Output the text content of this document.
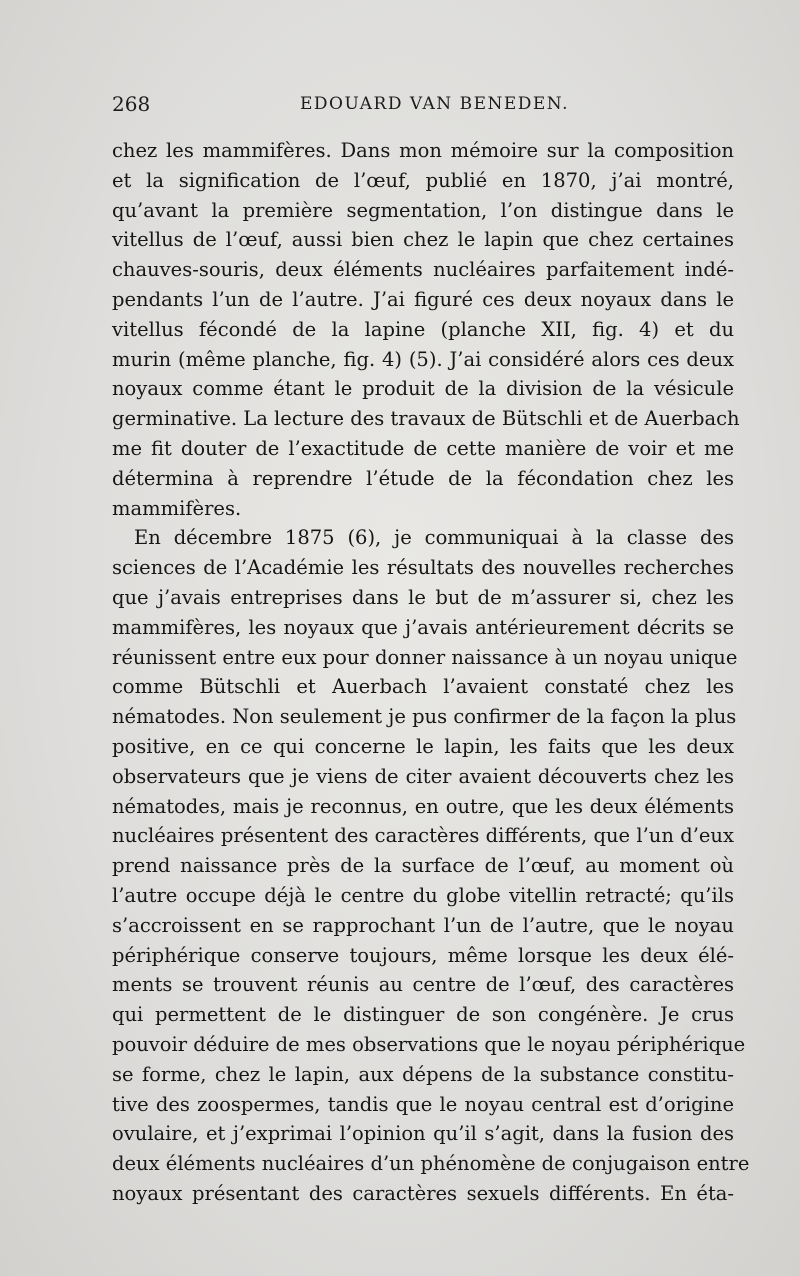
268	EDOUARD VAN BENEDEN.
chez les mammifères. Dans mon mémoire sur la composition
et la signification de l’œuf, publié en 1870, j’ai montré,
qu’avant la première segmentation, l’on distingue dans le
vitellus de l’œuf, aussi bien chez le lapin que chez certaines
chauves-souris, deux éléments nucléaires parfaitement indé-
pendants l’un de l’autre. J’ai figuré ces deux noyaux dans le
vitellus fécondé de la lapine (planche XII, fig. 4) et du
murin (même planche, fig. 4) (5). J’ai considéré alors ces deux
noyaux comme étant le produit de la division de la vésicule
germinative. La lecture des travaux de Bütschli et de Auerbach
me fit douter de l’exactitude de cette manière de voir et me
détermina à reprendre l’étude de la fécondation chez les
mammifères.
En décembre 1875 (6), je communiquai à la classe des
sciences de l’Académie les résultats des nouvelles recherches
que j’avais entreprises dans le but de m’assurer si, chez les
mammifères, les noyaux que j’avais antérieurement décrits se
réunissent entre eux pour donner naissance à un noyau unique
comme Bütschli et Auerbach l’avaient constaté chez les
nématodes. Non seulement je pus confirmer de la façon la plus
positive, en ce qui concerne le lapin, les faits que les deux
observateurs que je viens de citer avaient découverts chez les
nématodes, mais je reconnus, en outre, que les deux éléments
nucléaires présentent des caractères différents, que l’un d’eux
prend naissance près de la surface de l’œuf, au moment où
l’autre occupe déjà le centre du globe vitellin retracté; qu’ils
s’accroissent en se rapprochant l’un de l’autre, que le noyau
périphérique conserve toujours, même lorsque les deux élé-
ments se trouvent réunis au centre de l’œuf, des caractères
qui permettent de le distinguer de son congénère. Je crus
pouvoir déduire de mes observations que le noyau périphérique
se forme, chez le lapin, aux dépens de la substance constitu-
tive des zoospermes, tandis que le noyau central est d’origine
ovulaire, et j’exprimai l’opinion qu’il s’agit, dans la fusion des
deux éléments nucléaires d’un phénomène de conjugaison entre
noyaux présentant des caractères sexuels différents. En éta-
